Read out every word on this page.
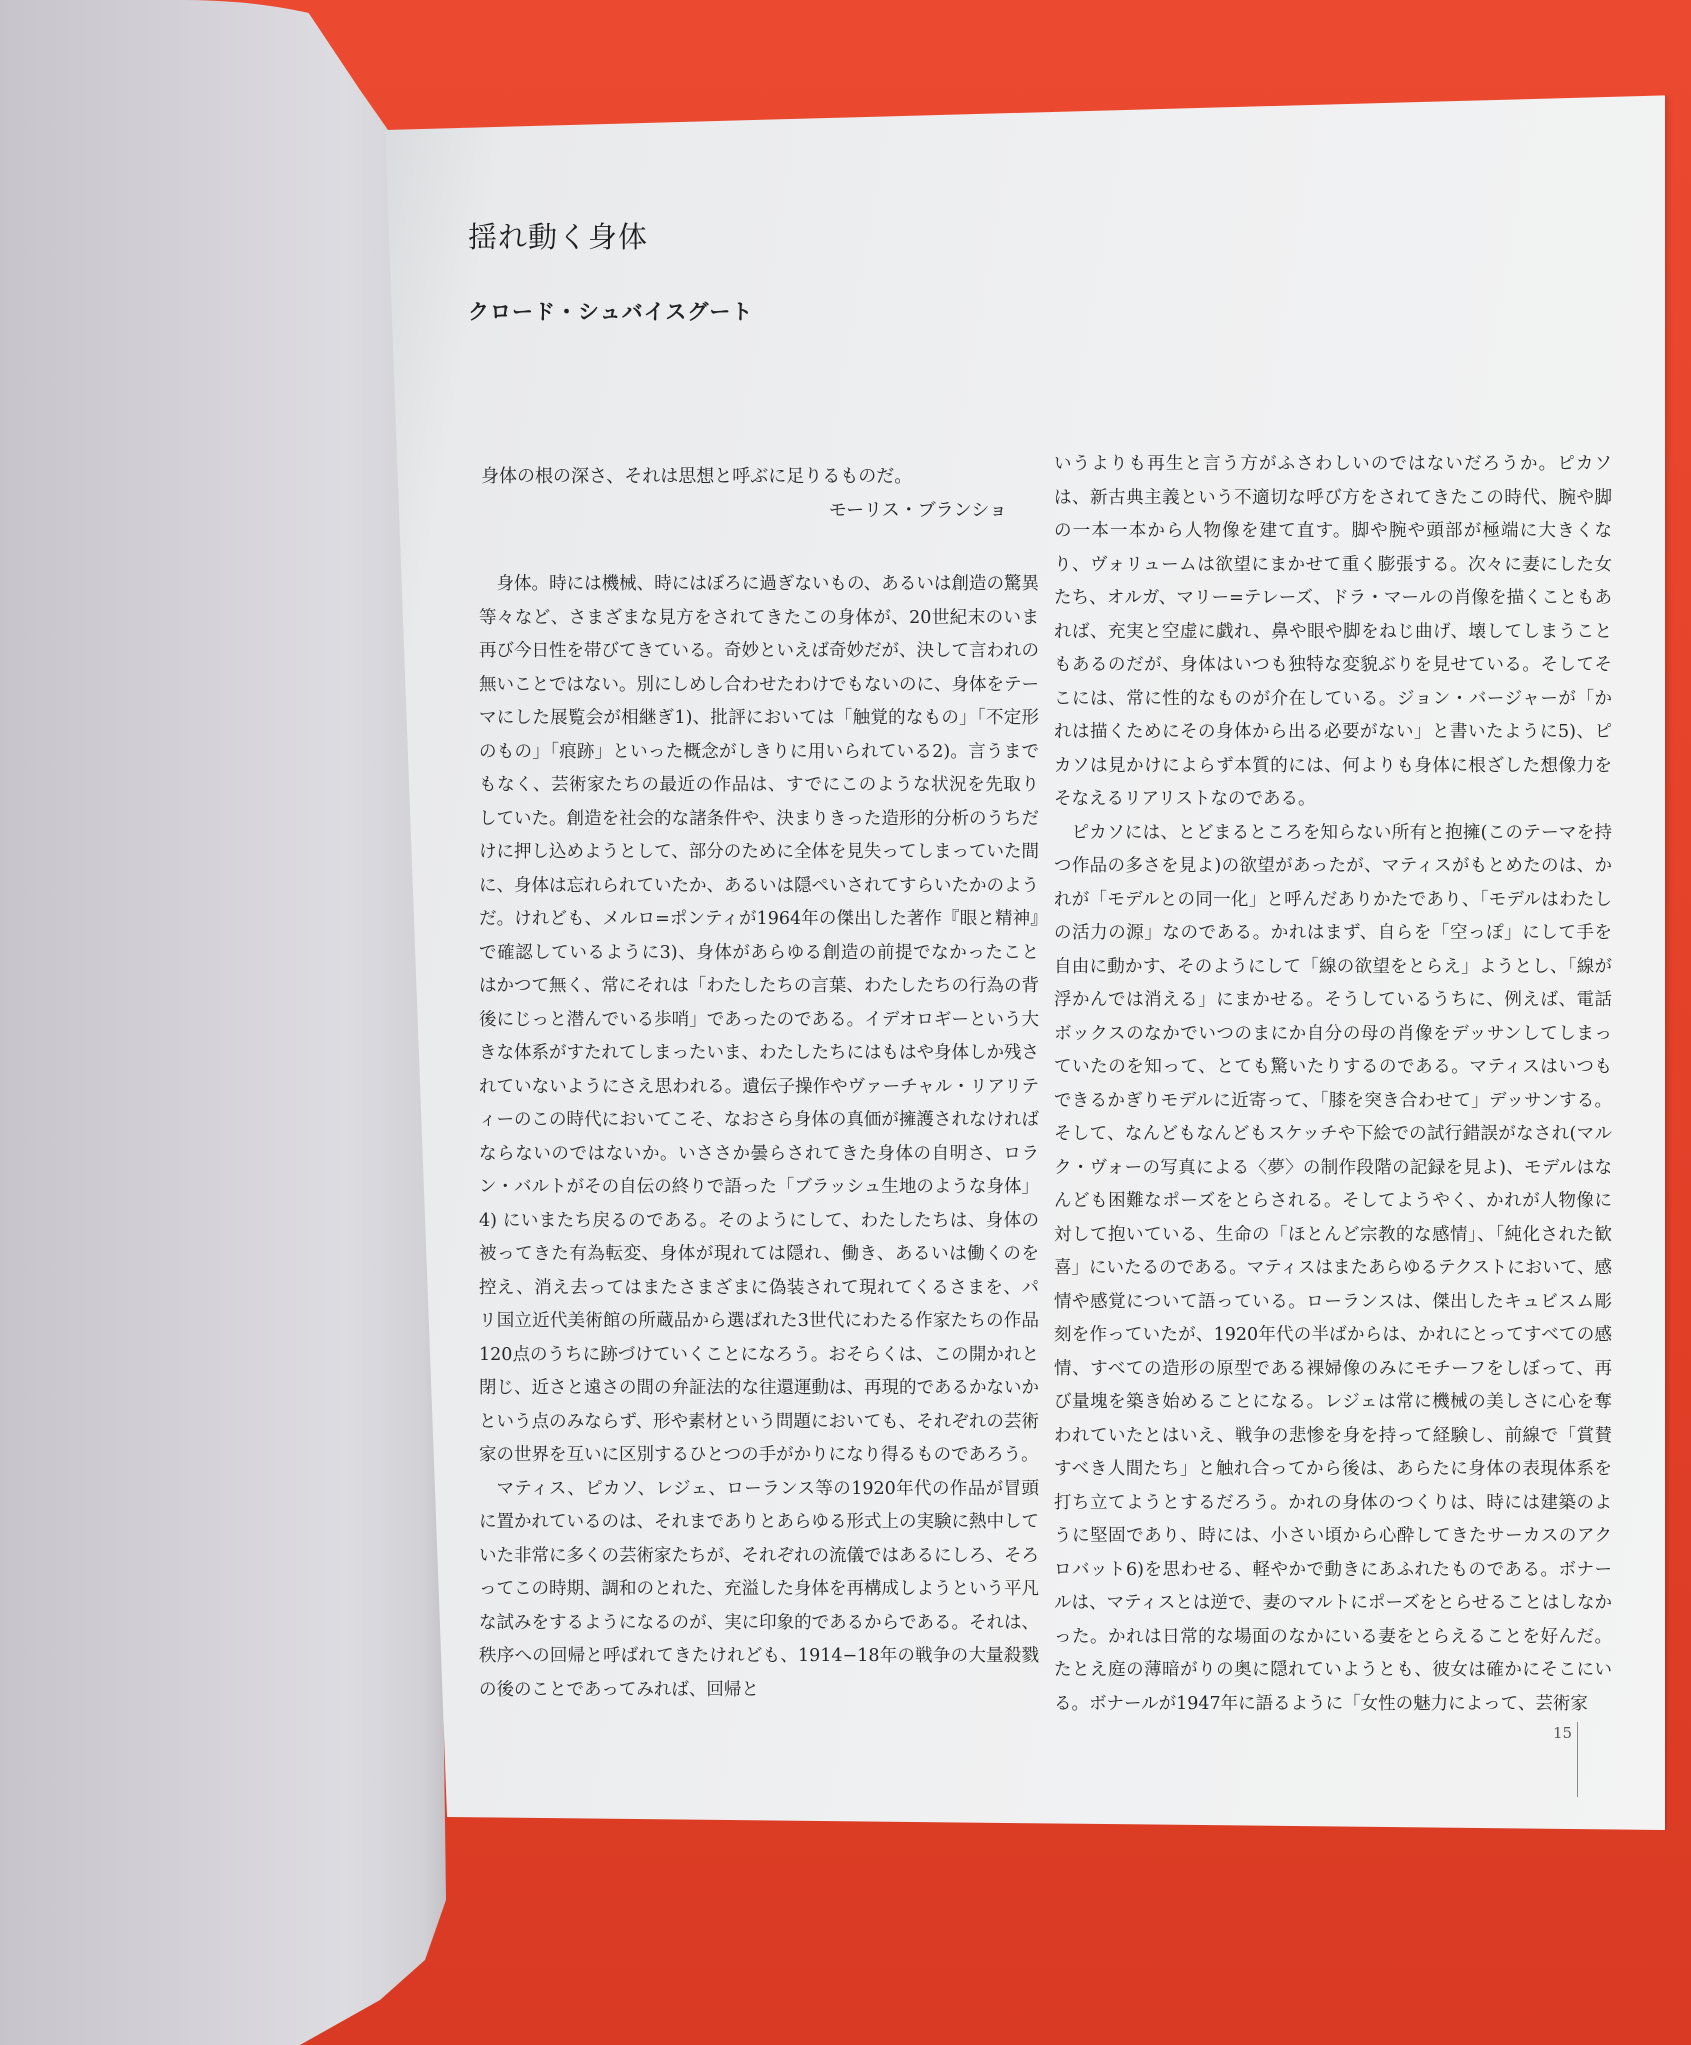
揺れ動く身体
クロード・シュバイスグート
身体の根の深さ、それは思想と呼ぶに足りるものだ。
モーリス・ブランショ

身体。時には機械、時にはぼろに過ぎないもの、あるいは創造の驚異等々など、さまざまな見方をされてきたこの身体が、20世紀末のいま再び今日性を帯びてきている。奇妙といえば奇妙だが、決して言われの無いことではない。別にしめし合わせたわけでもないのに、身体をテーマにした展覧会が相継ぎ1)、批評においては「触覚的なもの」「不定形のもの」「痕跡」といった概念がしきりに用いられている2)。言うまでもなく、芸術家たちの最近の作品は、すでにこのような状況を先取りしていた。創造を社会的な諸条件や、決まりきった造形的分析のうちだけに押し込めようとして、部分のために全体を見失ってしまっていた間に、身体は忘れられていたか、あるいは隠ぺいされてすらいたかのようだ。けれども、メルロ=ポンティが1964年の傑出した著作『眼と精神』で確認しているように3)、身体があらゆる創造の前提でなかったことはかつて無く、常にそれは「わたしたちの言葉、わたしたちの行為の背後にじっと潜んでいる歩哨」であったのである。イデオロギーという大きな体系がすたれてしまったいま、わたしたちにはもはや身体しか残されていないようにさえ思われる。遺伝子操作やヴァーチャル・リアリティーのこの時代においてこそ、なおさら身体の真価が擁護されなければならないのではないか。いささか曇らされてきた身体の自明さ、ロラン・バルトがその自伝の終りで語った「ブラッシュ生地のような身体」4) にいまたち戻るのである。そのようにして、わたしたちは、身体の被ってきた有為転変、身体が現れては隠れ、働き、あるいは働くのを控え、消え去ってはまたさまざまに偽装されて現れてくるさまを、パリ国立近代美術館の所蔵品から選ばれた3世代にわたる作家たちの作品120点のうちに跡づけていくことになろう。おそらくは、この開かれと閉じ、近さと遠さの間の弁証法的な往還運動は、再現的であるかないかという点のみならず、形や素材という問題においても、それぞれの芸術家の世界を互いに区別するひとつの手がかりになり得るものであろう。

マティス、ピカソ、レジェ、ローランス等の1920年代の作品が冒頭に置かれているのは、それまでありとあらゆる形式上の実験に熱中していた非常に多くの芸術家たちが、それぞれの流儀ではあるにしろ、そろってこの時期、調和のとれた、充溢した身体を再構成しようという平凡な試みをするようになるのが、実に印象的であるからである。それは、秩序への回帰と呼ばれてきたけれども、1914−18年の戦争の大量殺戮の後のことであってみれば、回帰と

いうよりも再生と言う方がふさわしいのではないだろうか。ピカソは、新古典主義という不適切な呼び方をされてきたこの時代、腕や脚の一本一本から人物像を建て直す。脚や腕や頭部が極端に大きくなり、ヴォリュームは欲望にまかせて重く膨張する。次々に妻にした女たち、オルガ、マリー=テレーズ、ドラ・マールの肖像を描くこともあれば、充実と空虚に戯れ、鼻や眼や脚をねじ曲げ、壊してしまうこともあるのだが、身体はいつも独特な変貌ぶりを見せている。そしてそこには、常に性的なものが介在している。ジョン・バージャーが「かれは描くためにその身体から出る必要がない」と書いたように5)、ピカソは見かけによらず本質的には、何よりも身体に根ざした想像力をそなえるリアリストなのである。

ピカソには、とどまるところを知らない所有と抱擁(このテーマを持つ作品の多さを見よ)の欲望があったが、マティスがもとめたのは、かれが「モデルとの同一化」と呼んだありかたであり、「モデルはわたしの活力の源」なのである。かれはまず、自らを「空っぽ」にして手を自由に動かす、そのようにして「線の欲望をとらえ」ようとし、「線が浮かんでは消える」にまかせる。そうしているうちに、例えば、電話ボックスのなかでいつのまにか自分の母の肖像をデッサンしてしまっていたのを知って、とても驚いたりするのである。マティスはいつもできるかぎりモデルに近寄って、「膝を突き合わせて」デッサンする。そして、なんどもなんどもスケッチや下絵での試行錯誤がなされ(マルク・ヴォーの写真による〈夢〉の制作段階の記録を見よ)、モデルはなんども困難なポーズをとらされる。そしてようやく、かれが人物像に対して抱いている、生命の「ほとんど宗教的な感情」、「純化された歓喜」にいたるのである。マティスはまたあらゆるテクストにおいて、感情や感覚について語っている。ローランスは、傑出したキュビスム彫刻を作っていたが、1920年代の半ばからは、かれにとってすべての感情、すべての造形の原型である裸婦像のみにモチーフをしぼって、再び量塊を築き始めることになる。レジェは常に機械の美しさに心を奪われていたとはいえ、戦争の悲惨を身を持って経験し、前線で「賞賛すべき人間たち」と触れ合ってから後は、あらたに身体の表現体系を打ち立てようとするだろう。かれの身体のつくりは、時には建築のように堅固であり、時には、小さい頃から心酔してきたサーカスのアクロバット6)を思わせる、軽やかで動きにあふれたものである。ボナールは、マティスとは逆で、妻のマルトにポーズをとらせることはしなかった。かれは日常的な場面のなかにいる妻をとらえることを好んだ。たとえ庭の薄暗がりの奥に隠れていようとも、彼女は確かにそこにいる。ボナールが1947年に語るように「女性の魅力によって、芸術家

15
